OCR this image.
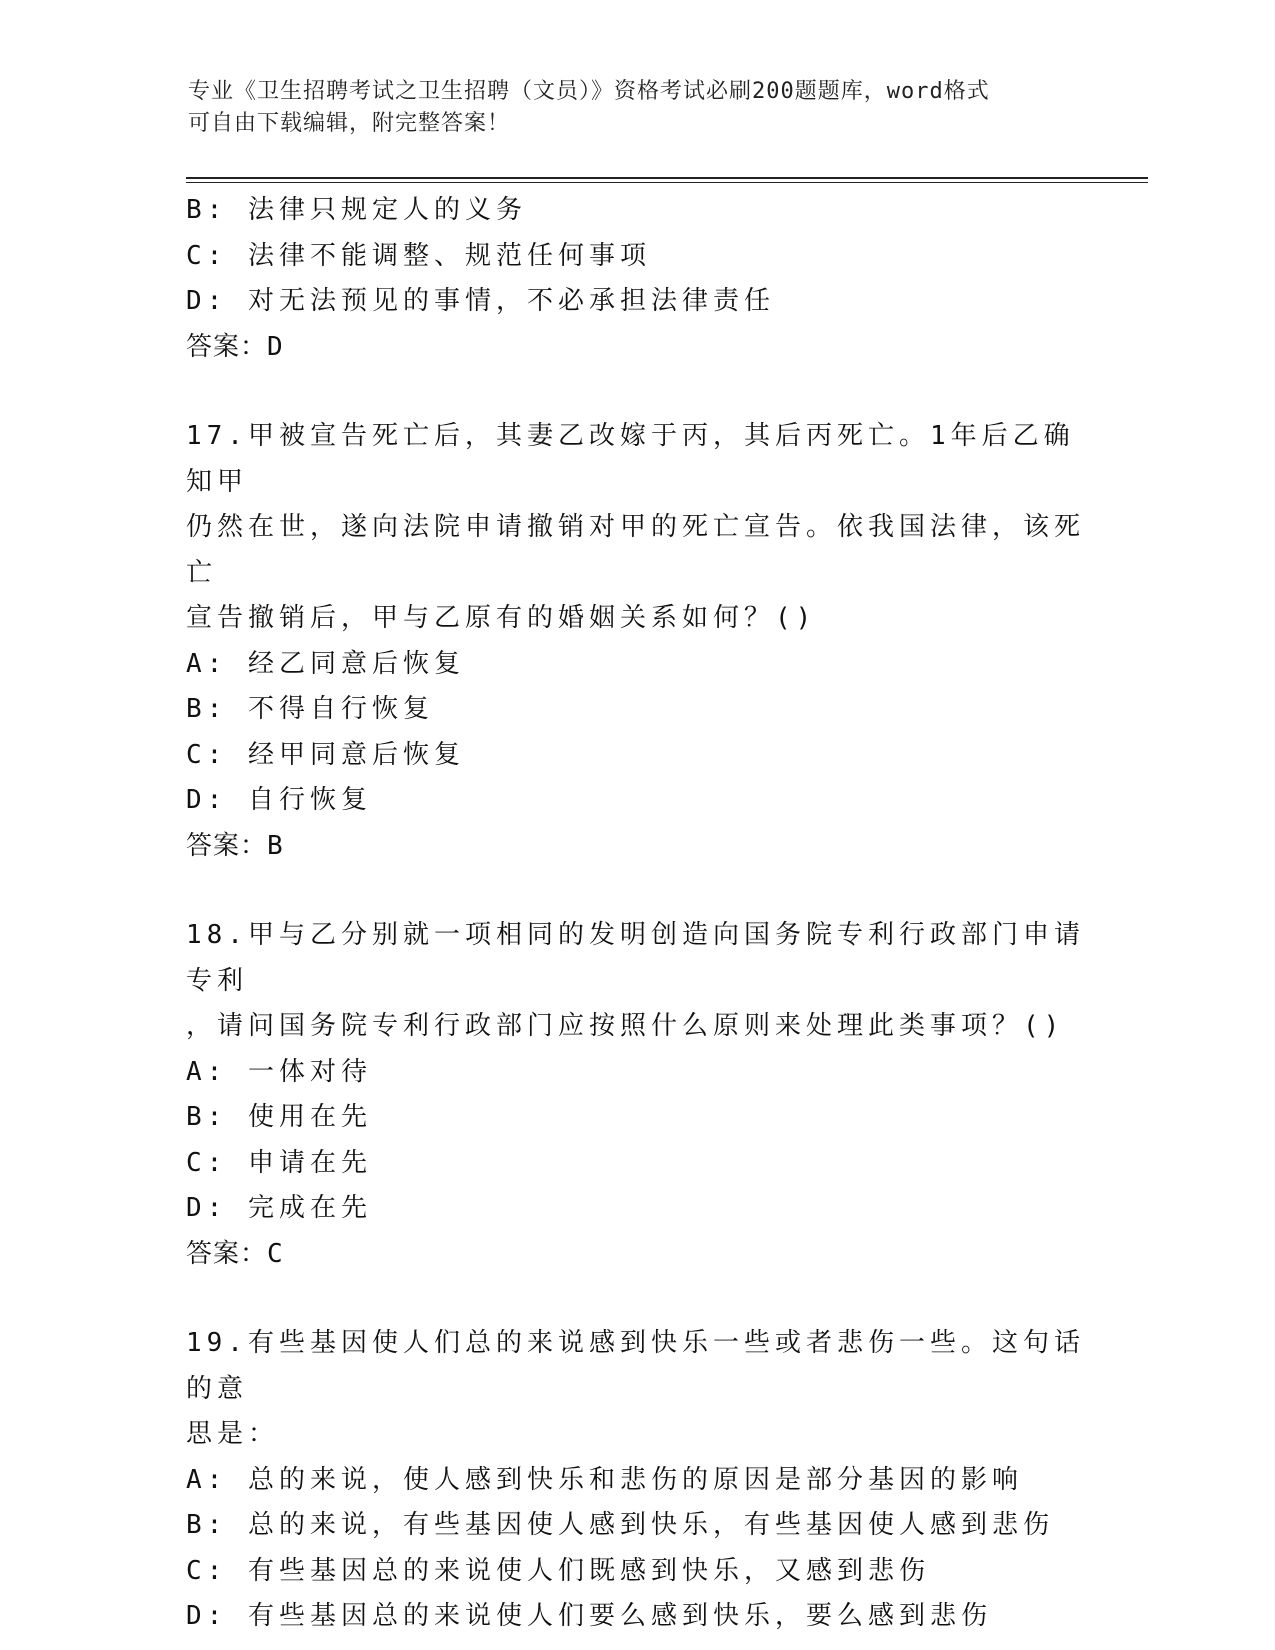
专业《卫生招聘考试之卫生招聘（文员）》资格考试必刷200题题库，word格式
可自由下载编辑，附完整答案！
B: 法律只规定人的义务
C: 法律不能调整、规范任何事项
D: 对无法预见的事情，不必承担法律责任
答案：D
17.甲被宣告死亡后，其妻乙改嫁于丙，其后丙死亡。1年后乙确知甲
仍然在世，遂向法院申请撤销对甲的死亡宣告。依我国法律，该死亡
宣告撤销后，甲与乙原有的婚姻关系如何？()
A: 经乙同意后恢复
B: 不得自行恢复
C: 经甲同意后恢复
D: 自行恢复
答案：B
18.甲与乙分别就一项相同的发明创造向国务院专利行政部门申请专利
，请问国务院专利行政部门应按照什么原则来处理此类事项？()
A: 一体对待
B: 使用在先
C: 申请在先
D: 完成在先
答案：C
19.有些基因使人们总的来说感到快乐一些或者悲伤一些。这句话的意
思是：
A: 总的来说，使人感到快乐和悲伤的原因是部分基因的影响
B: 总的来说，有些基因使人感到快乐，有些基因使人感到悲伤
C: 有些基因总的来说使人们既感到快乐，又感到悲伤
D: 有些基因总的来说使人们要么感到快乐，要么感到悲伤
